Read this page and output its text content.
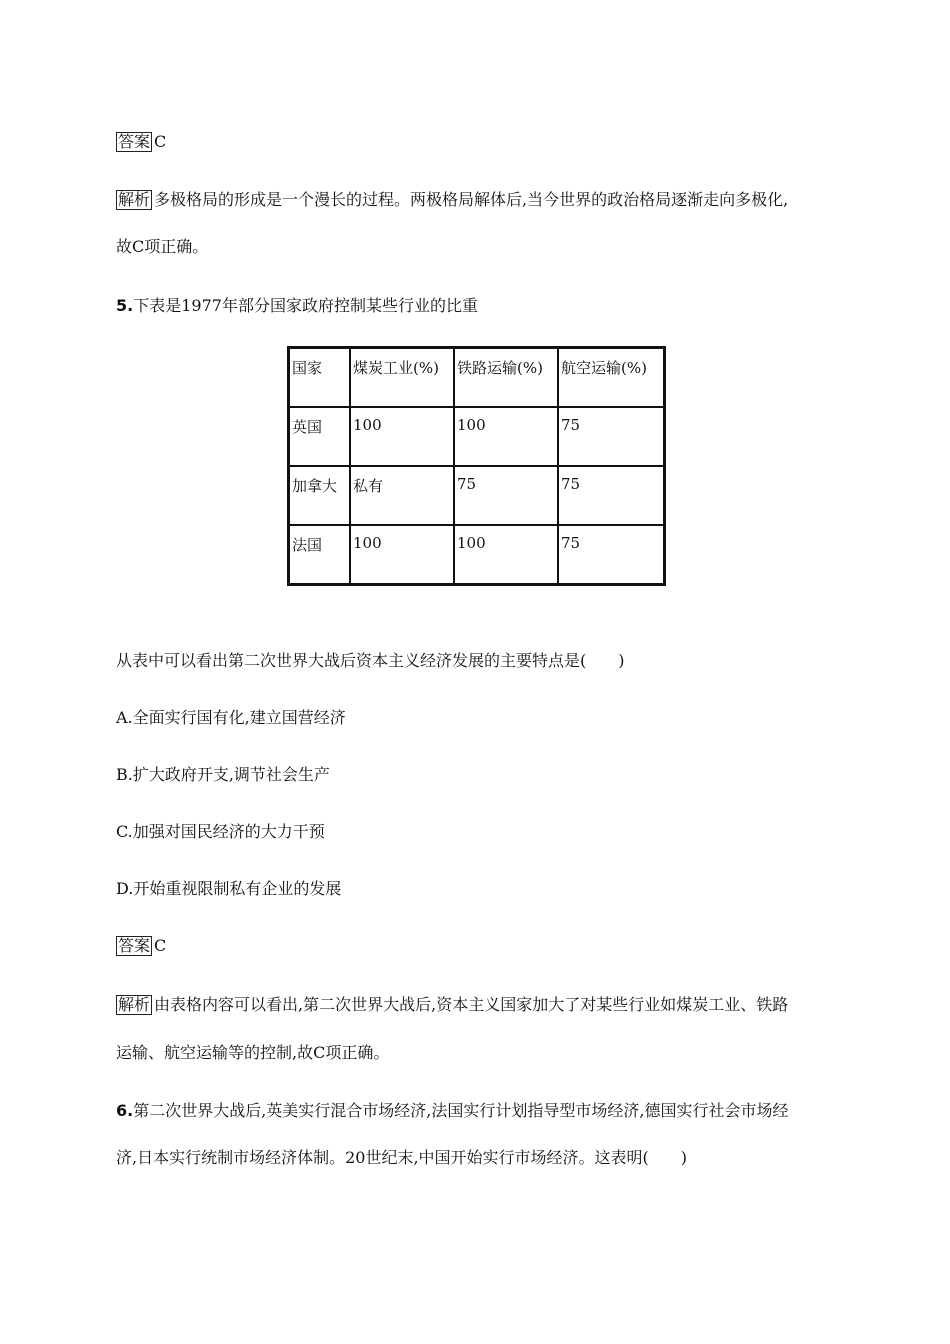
答案 C
解析 多极格局的形成是一个漫长的过程。两极格局解体后,当今世界的政治格局逐渐走向多极化,
故C项正确。
5.下表是1977年部分国家政府控制某些行业的比重
国家	煤炭工业(%)	铁路运输(%)	航空运输(%)
英国	100	100	75
加拿大	私有	75	75
法国	100	100	75
从表中可以看出第二次世界大战后资本主义经济发展的主要特点是(　　)
A.全面实行国有化,建立国营经济
B.扩大政府开支,调节社会生产
C.加强对国民经济的大力干预
D.开始重视限制私有企业的发展
答案 C
解析 由表格内容可以看出,第二次世界大战后,资本主义国家加大了对某些行业如煤炭工业、铁路
运输、航空运输等的控制,故C项正确。
6.第二次世界大战后,英美实行混合市场经济,法国实行计划指导型市场经济,德国实行社会市场经
济,日本实行统制市场经济体制。20世纪末,中国开始实行市场经济。这表明(　　)
